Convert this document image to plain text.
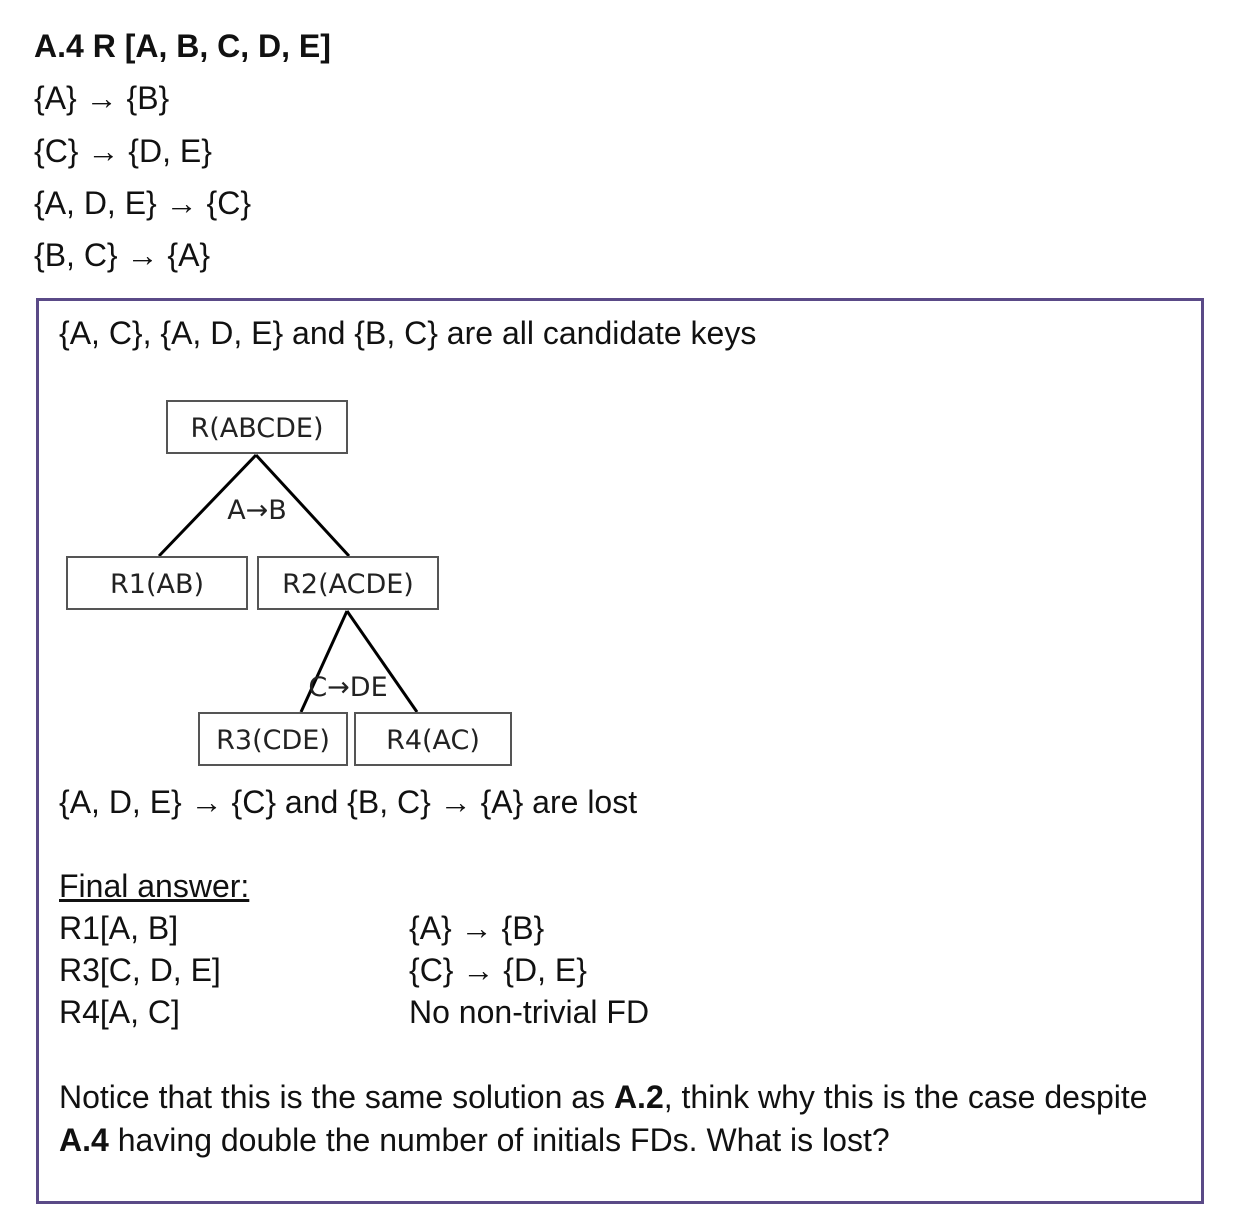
A.4 R [A, B, C, D, E]
{A} → {B}
{C} → {D, E}
{A, D, E} → {C}
{B, C} → {A}
{A, C}, {A, D, E} and {B, C} are all candidate keys
R(ABCDE)
A→B
R1(AB)	R2(ACDE)
C→DE
R3(CDE) R4(AC)
{A, D, E} → {C} and {B, C} → {A} are lost
Final answer:
R1[A, B]	{A} → {B}
R3[C, D, E]	{C} → {D, E}
R4[A, C]	No non-trivial FD
Notice that this is the same solution as A.2, think why this is the case despite
A.4 having double the number of initials FDs. What is lost?
